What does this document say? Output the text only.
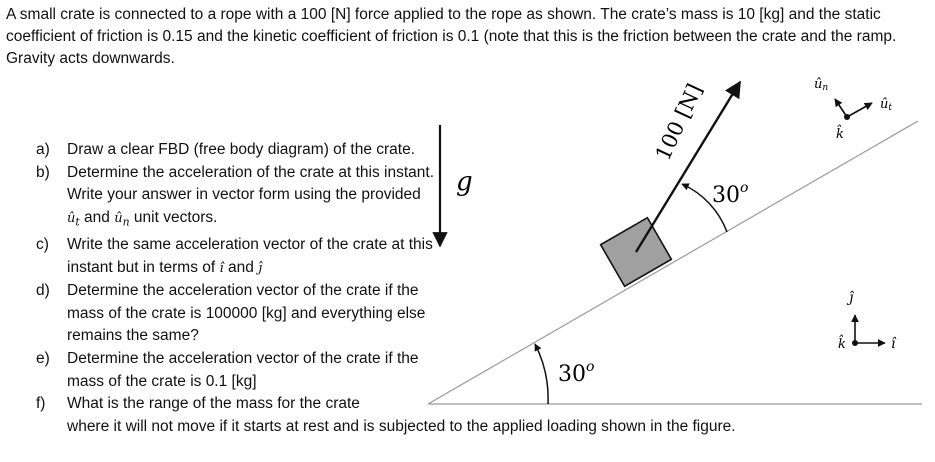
A small crate is connected to a rope with a 100 [N] force applied to the rope as shown. The crate’s mass is 10 [kg] and the static coefficient of friction is 0.15 and the kinetic coefficient of friction is 0.1 (note that this is the friction between the crate and the ramp. Gravity acts downwards.

g
30$^o$
100 [N]
30$^o$
ûn
ût
k̂
ĵ
î
k̂
a) Draw a clear FBD (free body diagram) of the crate.
b) Determine the acceleration of the crate at this instant. Write your answer in vector form using the provided $û_t$ and $û_n$ unit vectors.
c) Write the same acceleration vector of the crate at this instant but in terms of î and ĵ
d) Determine the acceleration vector of the crate if the mass of the crate is 100000 [kg] and everything else remains the same?
e) Determine the acceleration vector of the crate if the mass of the crate is 0.1 [kg]
f) What is the range of the mass for the crate
where it will not move if it starts at rest and is subjected to the applied loading shown in the figure.
